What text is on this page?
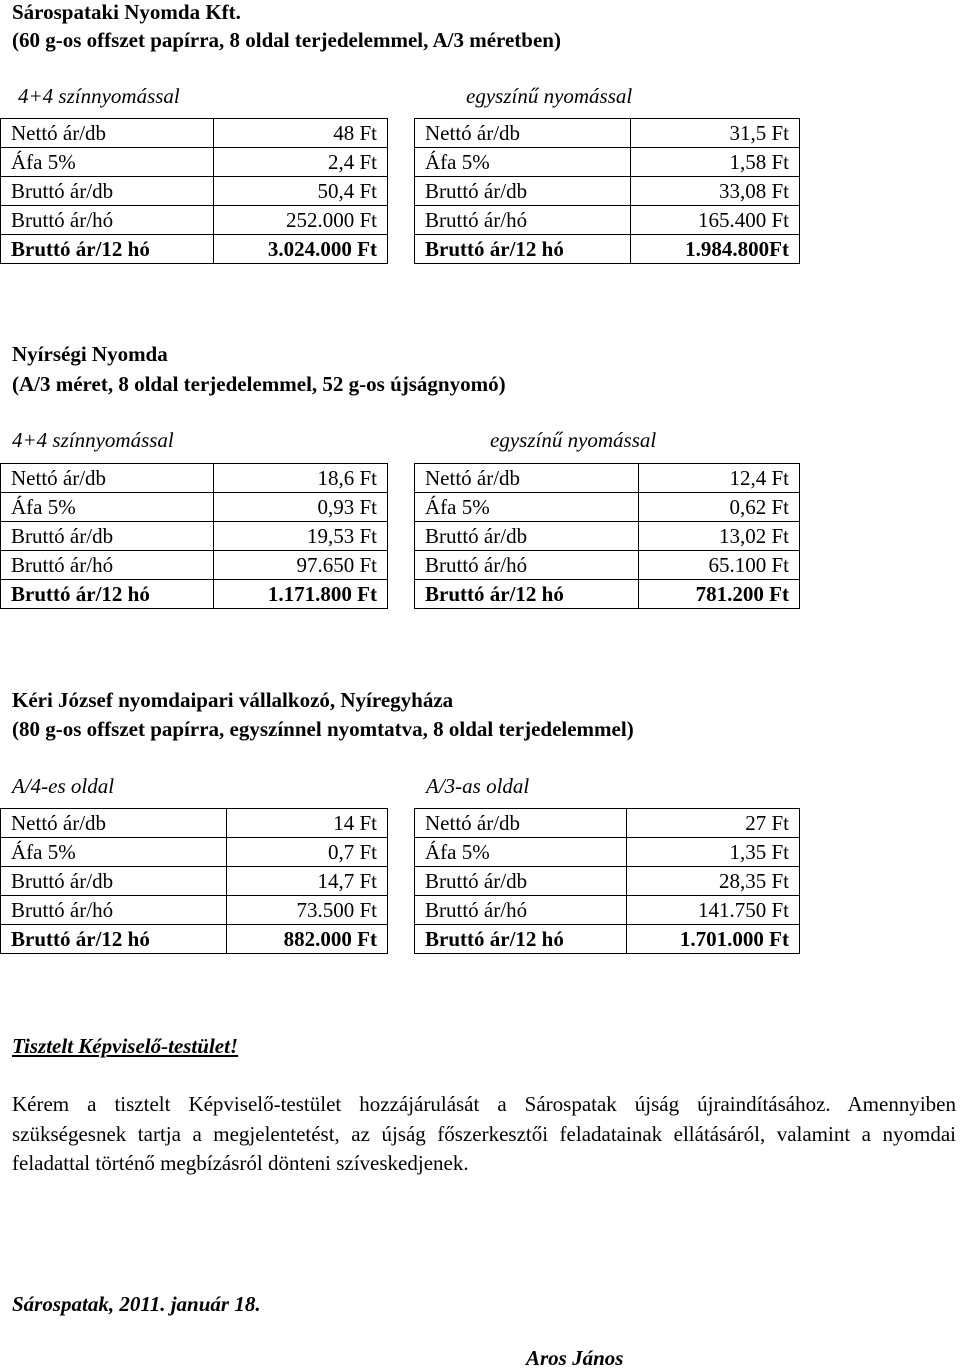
Sárospataki Nyomda Kft.
(60 g-os offszet papírra, 8 oldal terjedelemmel, A/3 méretben)
4+4 színnyomással	egyszínű nyomással
Nettó ár/db	48 Ft
Áfa 5%	2,4 Ft
Bruttó ár/db	50,4 Ft
Bruttó ár/hó	252.000 Ft
Bruttó ár/12 hó	3.024.000 Ft
Nettó ár/db	31,5 Ft
Áfa 5%	1,58 Ft
Bruttó ár/db	33,08 Ft
Bruttó ár/hó	165.400 Ft
Bruttó ár/12 hó	1.984.800Ft
Nyírségi Nyomda
(A/3 méret, 8 oldal terjedelemmel, 52 g-os újságnyomó)
4+4 színnyomással	egyszínű nyomással
Nettó ár/db	18,6 Ft
Áfa 5%	0,93 Ft
Bruttó ár/db	19,53 Ft
Bruttó ár/hó	97.650 Ft
Bruttó ár/12 hó	1.171.800 Ft
Nettó ár/db	12,4 Ft
Áfa 5%	0,62 Ft
Bruttó ár/db	13,02 Ft
Bruttó ár/hó	65.100 Ft
Bruttó ár/12 hó	781.200 Ft
Kéri József nyomdaipari vállalkozó, Nyíregyháza
(80 g-os offszet papírra, egyszínnel nyomtatva, 8 oldal terjedelemmel)
A/4-es oldal	A/3-as oldal
Nettó ár/db	14 Ft
Áfa 5%	0,7 Ft
Bruttó ár/db	14,7 Ft
Bruttó ár/hó	73.500 Ft
Bruttó ár/12 hó	882.000 Ft
Nettó ár/db	27 Ft
Áfa 5%	1,35 Ft
Bruttó ár/db	28,35 Ft
Bruttó ár/hó	141.750 Ft
Bruttó ár/12 hó	1.701.000 Ft
Tisztelt Képviselő-testület!
Kérem a tisztelt Képviselő-testület hozzájárulását a Sárospatak újság újraindításához. Amennyiben szükségesnek tartja a megjelentetést, az újság főszerkesztői feladatainak ellátásáról, valamint a nyomdai feladattal történő megbízásról dönteni szíveskedjenek.
Sárospatak, 2011. január 18.
Aros János
